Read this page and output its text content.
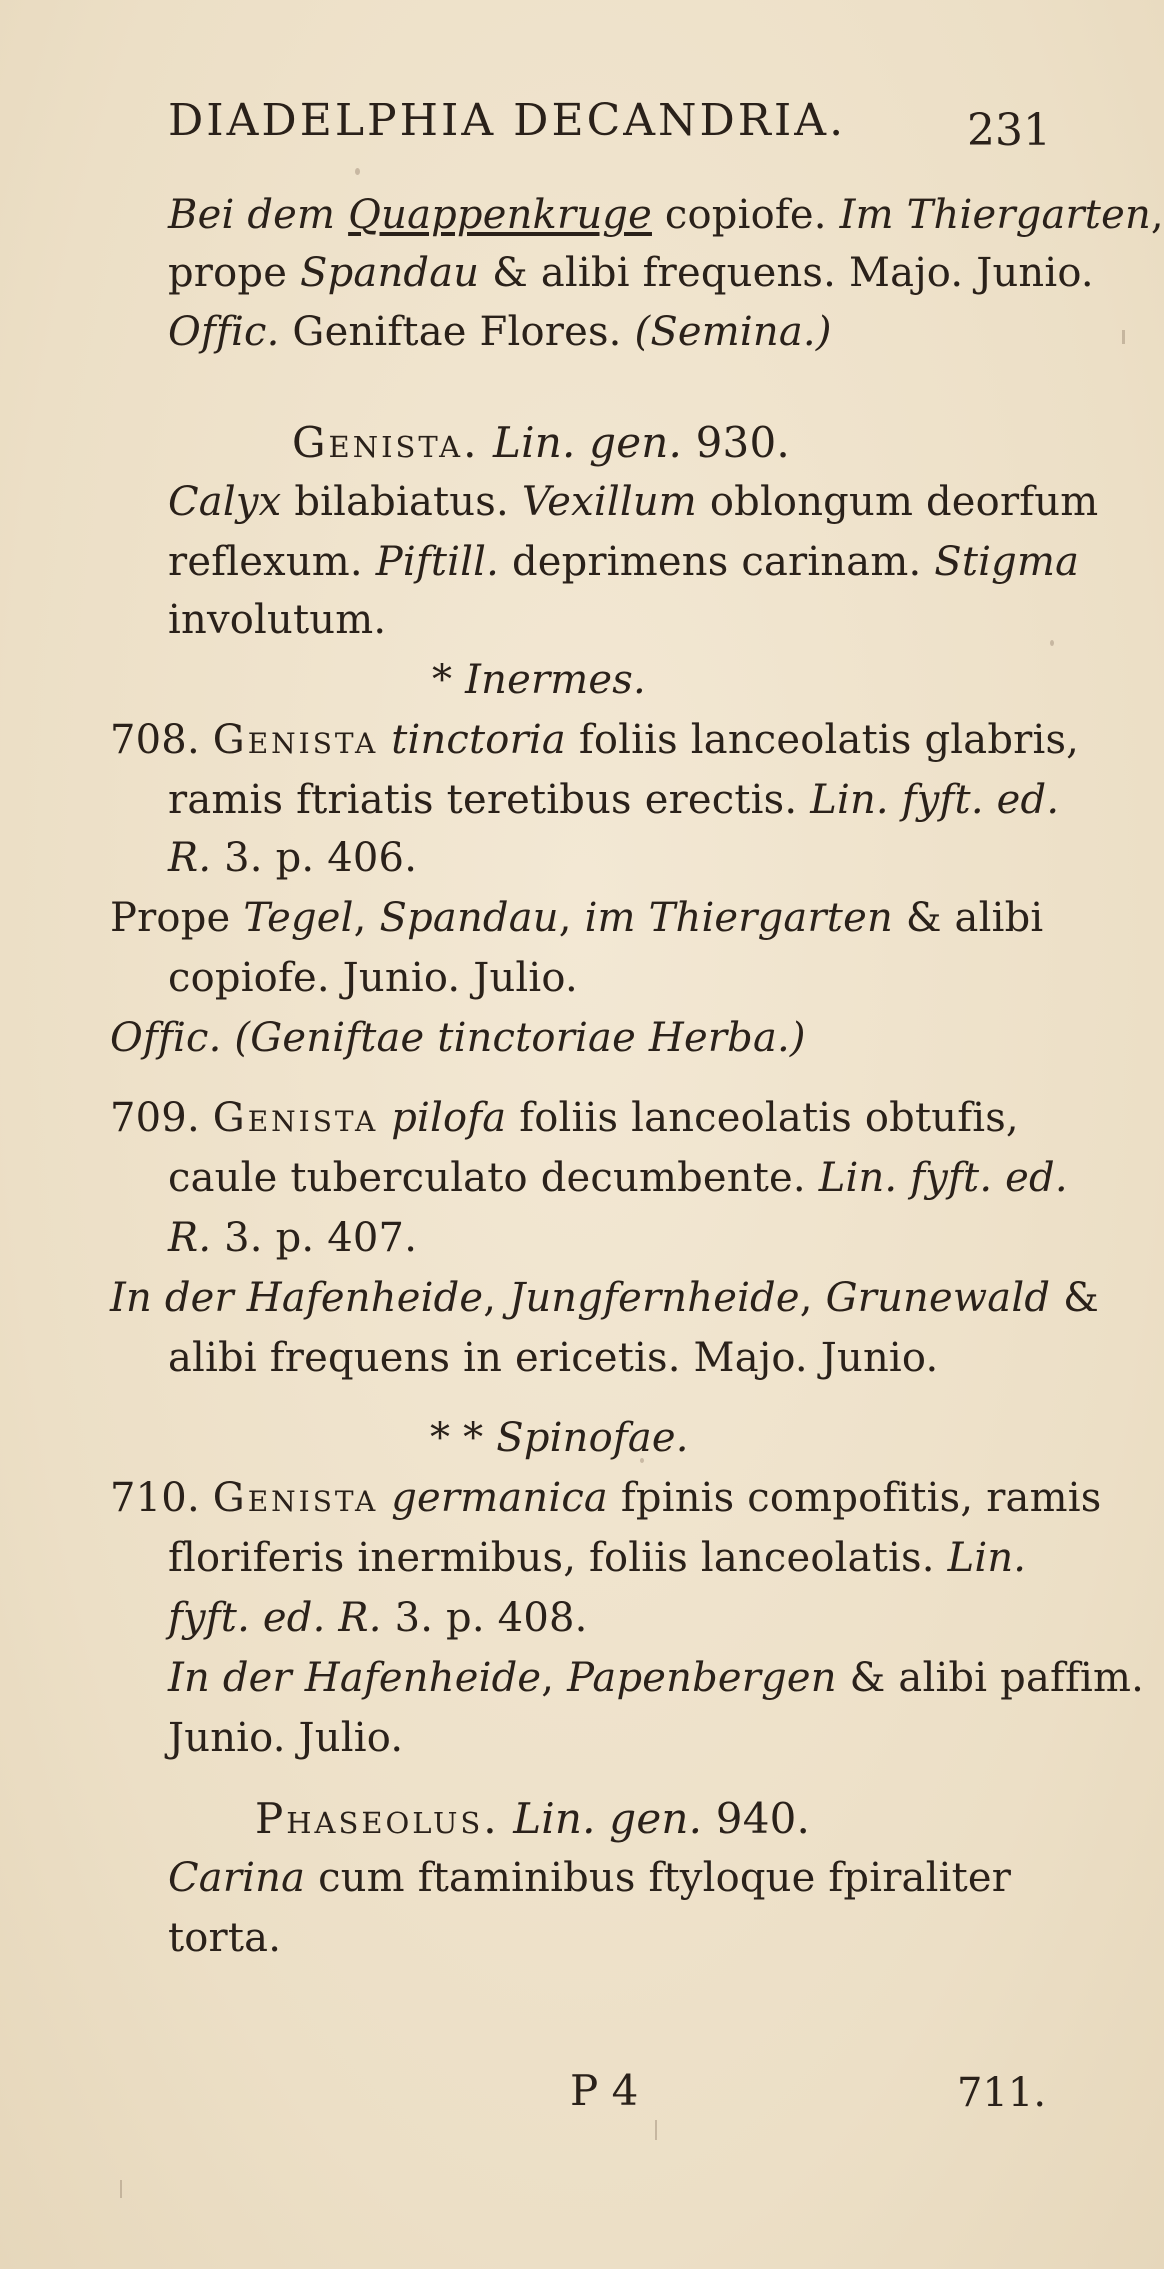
DIADELPHIA DECANDRIA.	231
Bei dem Quappenkruge copiofe. Im Thiergarten,
prope Spandau & alibi frequens. Majo. Junio.
Offic. Geniftae Flores. (Semina.)
Genista. Lin. gen. 930.
Calyx bilabiatus. Vexillum oblongum deorfum
reflexum. Piftill. deprimens carinam. Stigma
involutum.
* Inermes.
708. Genista tinctoria foliis lanceolatis glabris,
ramis ftriatis teretibus erectis. Lin. fyft. ed.
R. 3. p. 406.
Prope Tegel, Spandau, im Thiergarten & alibi
copiofe. Junio. Julio.
Offic. (Geniftae tinctoriae Herba.)
709. Genista pilofa foliis lanceolatis obtufis,
caule tuberculato decumbente. Lin. fyft. ed.
R. 3. p. 407.
In der Hafenheide, Jungfernheide, Grunewald &
alibi frequens in ericetis. Majo. Junio.
* * Spinofae.
710. Genista germanica fpinis compofitis, ramis
floriferis inermibus, foliis lanceolatis. Lin.
fyft. ed. R. 3. p. 408.
In der Hafenheide, Papenbergen & alibi paffim.
Junio. Julio.
Phaseolus. Lin. gen. 940.
Carina cum ftaminibus ftyloque fpiraliter
torta.
P 4	711.
